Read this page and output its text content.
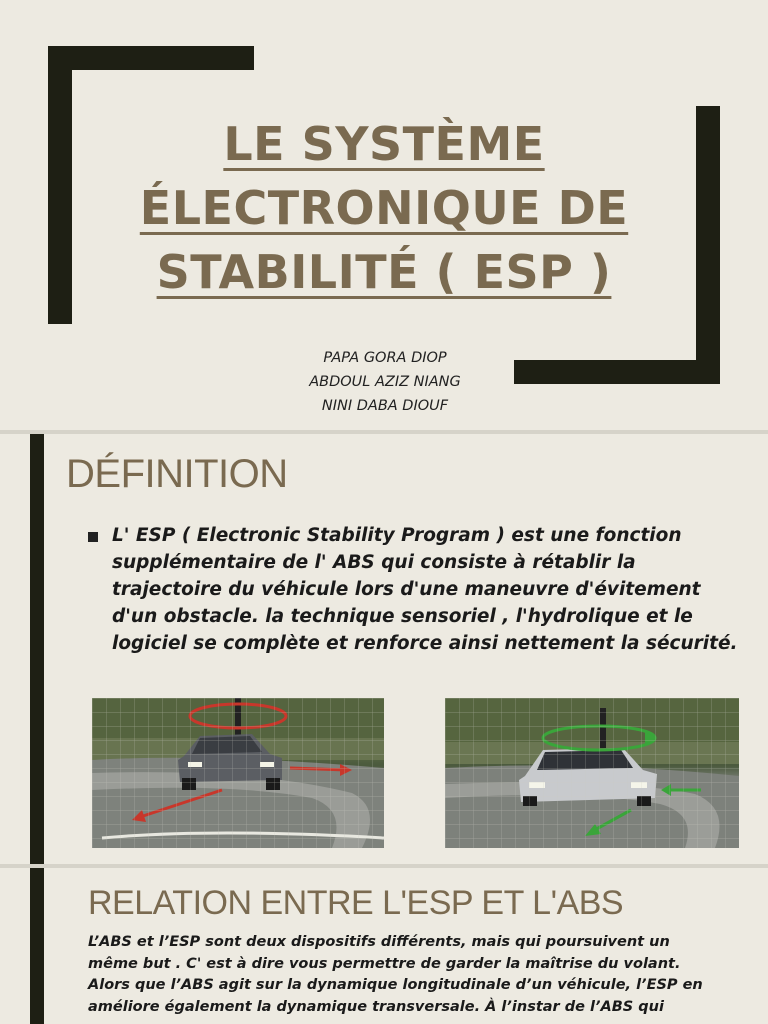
LE SYSTÈME
ÉLECTRONIQUE DE
STABILITÉ ( ESP )
PAPA GORA DIOP
ABDOUL AZIZ NIANG
NINI DABA DIOUF
DÉFINITION
L' ESP ( Electronic Stability Program ) est une fonction supplémentaire de l' ABS qui consiste à rétablir la trajectoire du véhicule lors d'une maneuvre d'évitement d'un obstacle. la technique sensoriel , l'hydrolique et le logiciel se complète et renforce ainsi nettement la sécurité.
RELATION ENTRE L'ESP ET L'ABS
L’ABS et l’ESP sont deux dispositifs différents, mais qui poursuivent un même but . C' est à dire vous permettre de garder la maîtrise du volant. Alors que l’ABS agit sur la dynamique longitudinale d’un véhicule, l’ESP en améliore également la dynamique transversale. À l’instar de l’ABS qui
